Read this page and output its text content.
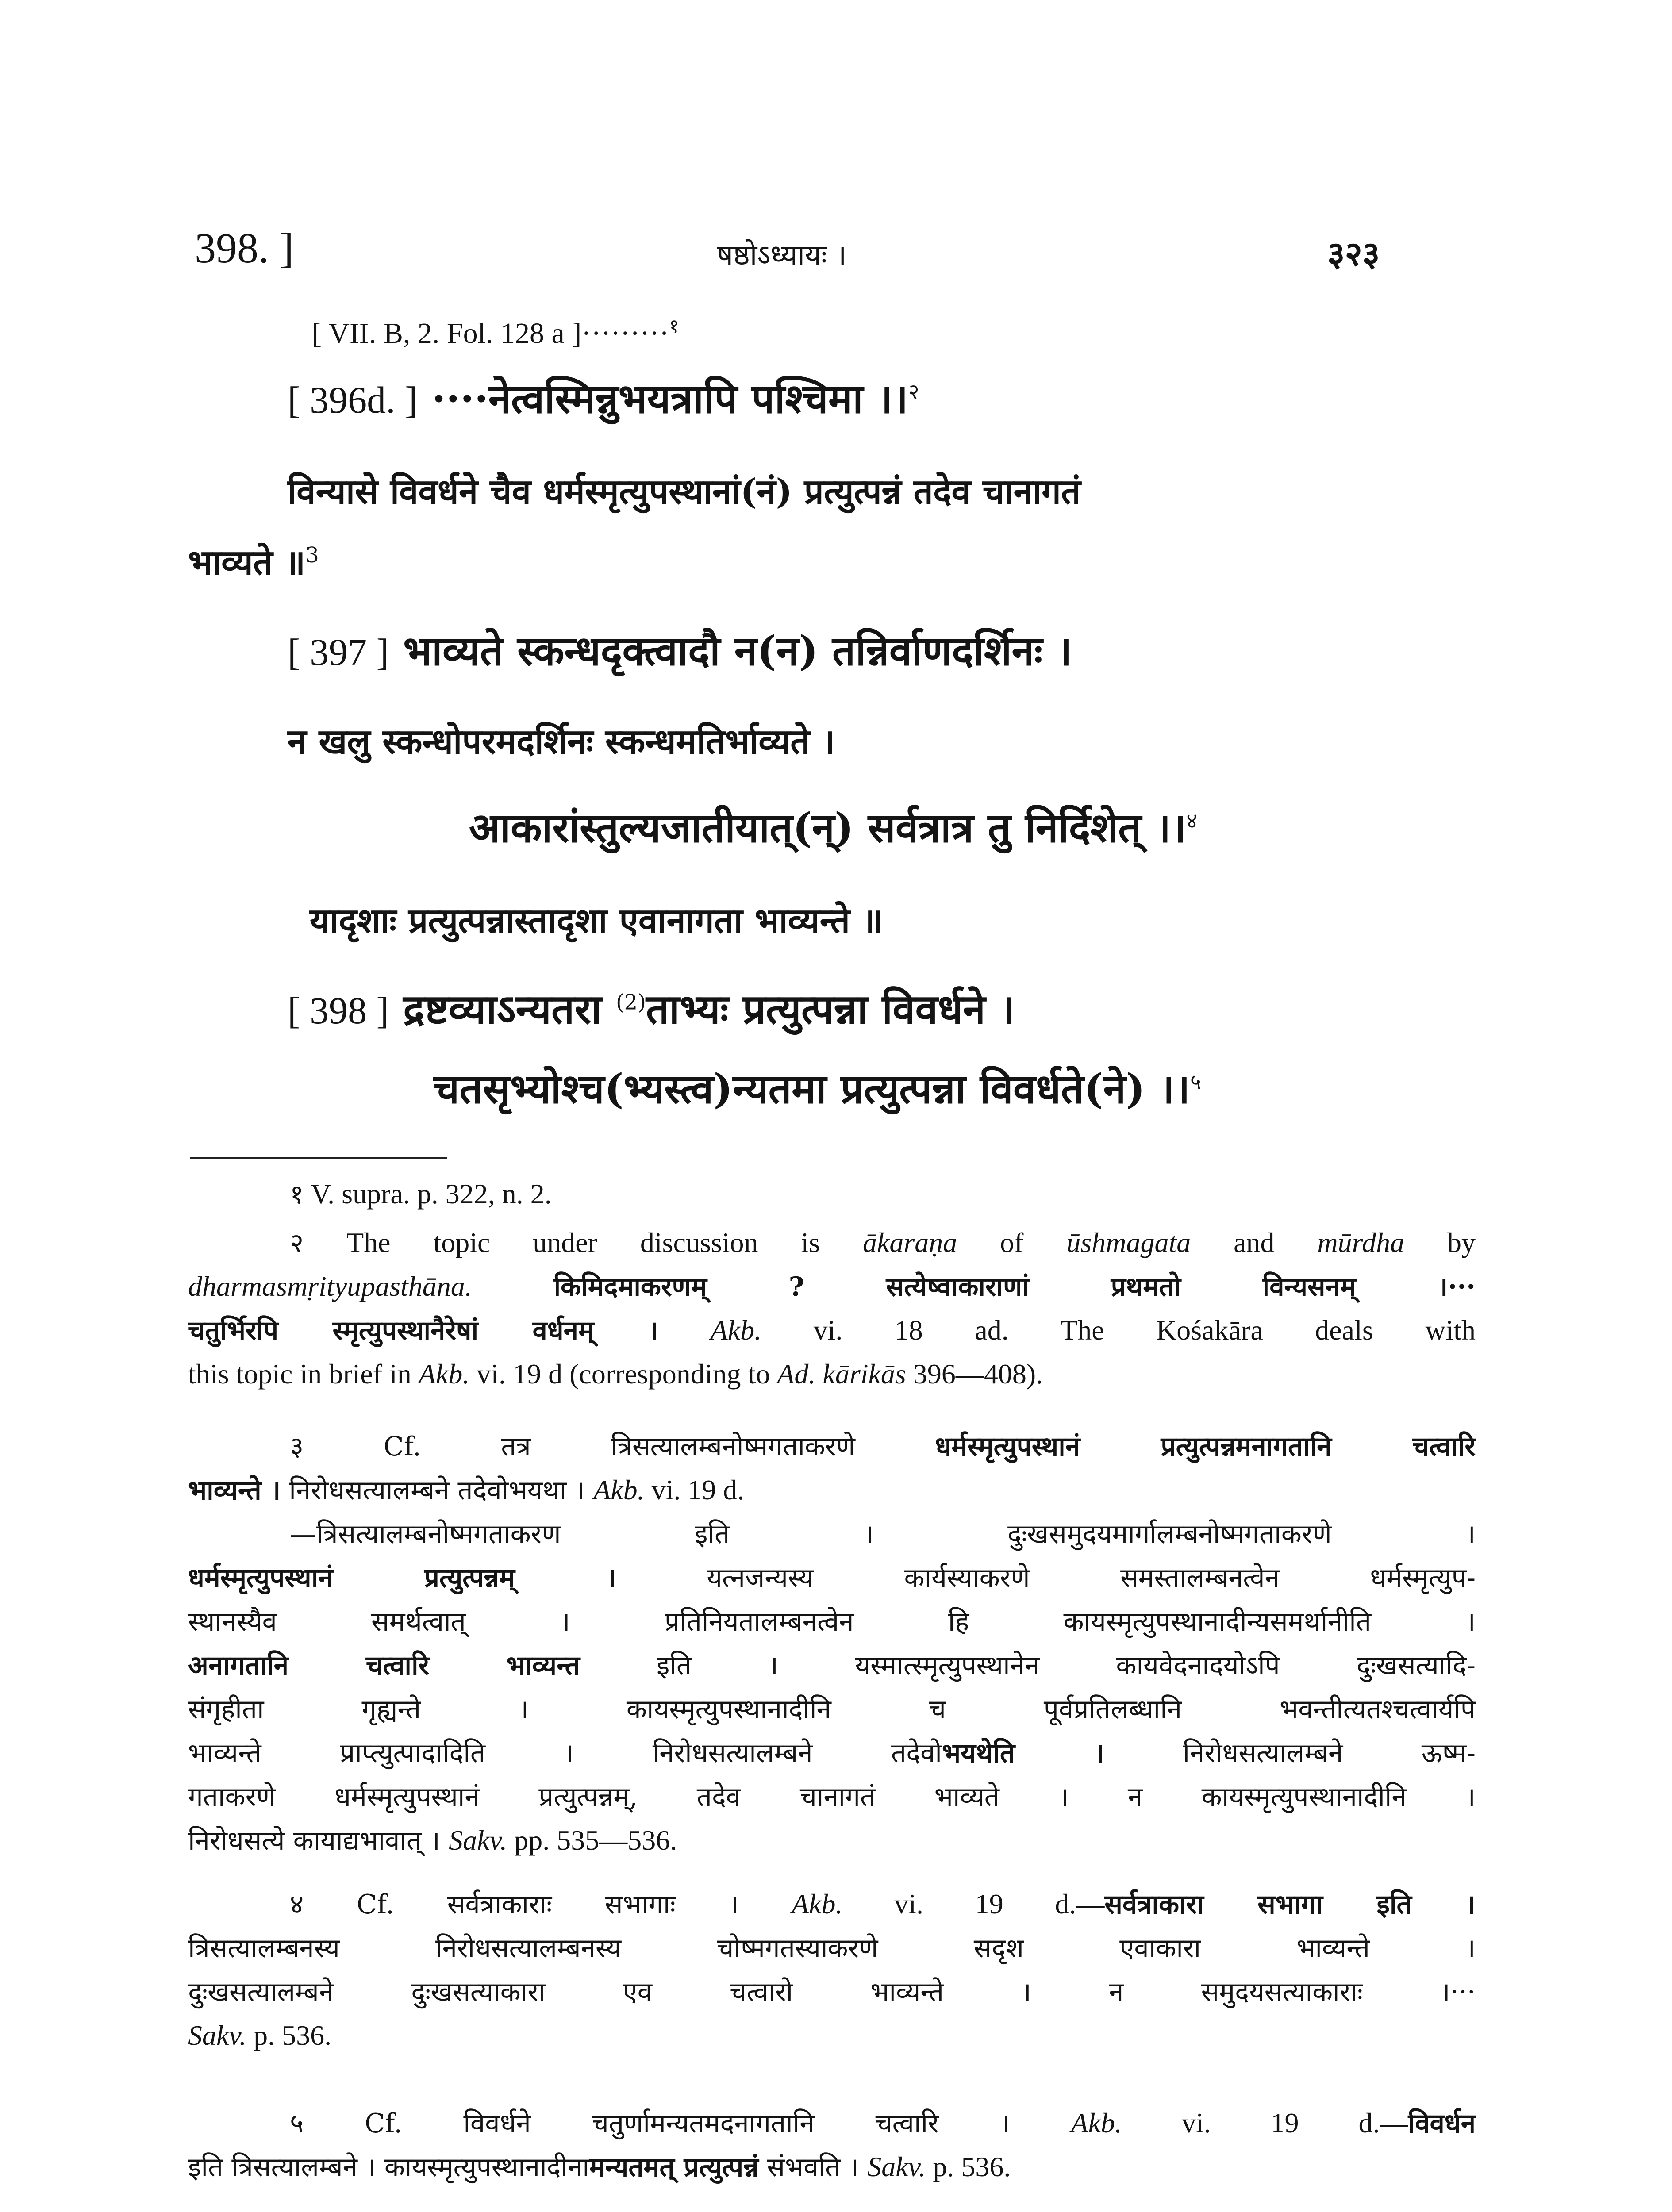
398. ]	षष्ठोऽध्यायः ।	३२३
[ VII. B, 2. Fol. 128 a ]·········$^१$
[ 396d. ] ····नेत्वस्मिन्नुभयत्रापि पश्चिमा ।।$^२$
विन्यासे विवर्धने चैव धर्मस्मृत्युपस्थानां(नं) प्रत्युत्पन्नं तदेव चानागतं
भाव्यते ॥$^3$
[ 397 ] भाव्यते स्कन्धदृक्त्वादौ न(न) तन्निर्वाणदर्शिनः ।
न खलु स्कन्धोपरमदर्शिनः स्कन्धमतिर्भाव्यते ।
आकारांस्तुल्यजातीयात्(न्) सर्वत्रात्र तु निर्दिशेत् ।।$^४$
यादृशाः प्रत्युत्पन्नास्तादृशा एवानागता भाव्यन्ते ॥
[ 398 ] द्रष्टव्याऽन्यतरा $^{(2)}$ताभ्यः प्रत्युत्पन्ना विवर्धने ।
चतसृभ्योश्च(भ्यस्त्व)न्यतमा प्रत्युत्पन्ना विवर्धते(ने) ।।$^५$
१ V. supra. p. 322, n. 2.
२ The topic under discussion is ākaraṇa of ūshmagata and mūrdha by
dharmasmṛityupasthāna. किमिदमाकरणम् ? सत्येष्वाकाराणां प्रथमतो विन्यसनम् ।···
चतुर्भिरपि स्मृत्युपस्थानैरेषां वर्धनम् । Akb. vi. 18 ad. The Kośakāra deals with
this topic in brief in Akb. vi. 19 d (corresponding to Ad. kārikās 396—408).
३ Cf. तत्र त्रिसत्यालम्बनोष्मगताकरणे धर्मस्मृत्युपस्थानं प्रत्युत्पन्नमनागतानि चत्वारि
भाव्यन्ते । निरोधसत्यालम्बने तदेवोभयथा । Akb. vi. 19 d.
—त्रिसत्यालम्बनोष्मगताकरण इति । दुःखसमुदयमार्गालम्बनोष्मगताकरणे ।
धर्मस्मृत्युपस्थानं प्रत्युत्पन्नम् । यत्नजन्यस्य कार्यस्याकरणे समस्तालम्बनत्वेन धर्मस्मृत्युप-
स्थानस्यैव समर्थत्वात् । प्रतिनियतालम्बनत्वेन हि कायस्मृत्युपस्थानादीन्यसमर्थानीति ।
अनागतानि चत्वारि भाव्यन्त इति । यस्मात्स्मृत्युपस्थानेन कायवेदनादयोऽपि दुःखसत्यादि-
संगृहीता गृह्यन्ते । कायस्मृत्युपस्थानादीनि च पूर्वप्रतिलब्धानि भवन्तीत्यतश्चत्वार्यपि
भाव्यन्ते प्राप्त्युत्पादादिति । निरोधसत्यालम्बने तदेवोभयथेति । निरोधसत्यालम्बने ऊष्म-
गताकरणे धर्मस्मृत्युपस्थानं प्रत्युत्पन्नम्, तदेव चानागतं भाव्यते । न कायस्मृत्युपस्थानादीनि ।
निरोधसत्ये कायाद्यभावात् । Sakv. pp. 535—536.
४ Cf. सर्वत्राकाराः सभागाः । Akb. vi. 19 d.—सर्वत्राकारा सभागा इति ।
त्रिसत्यालम्बनस्य निरोधसत्यालम्बनस्य चोष्मगतस्याकरणे सदृश एवाकारा भाव्यन्ते ।
दुःखसत्यालम्बने दुःखसत्याकारा एव चत्वारो भाव्यन्ते । न समुदयसत्याकाराः ।···
Sakv. p. 536.
५ Cf. विवर्धने चतुर्णामन्यतमदनागतानि चत्वारि । Akb. vi. 19 d.—विवर्धन
इति त्रिसत्यालम्बने । कायस्मृत्युपस्थानादीनामन्यतमत् प्रत्युत्पन्नं संभवति । Sakv. p. 536.
